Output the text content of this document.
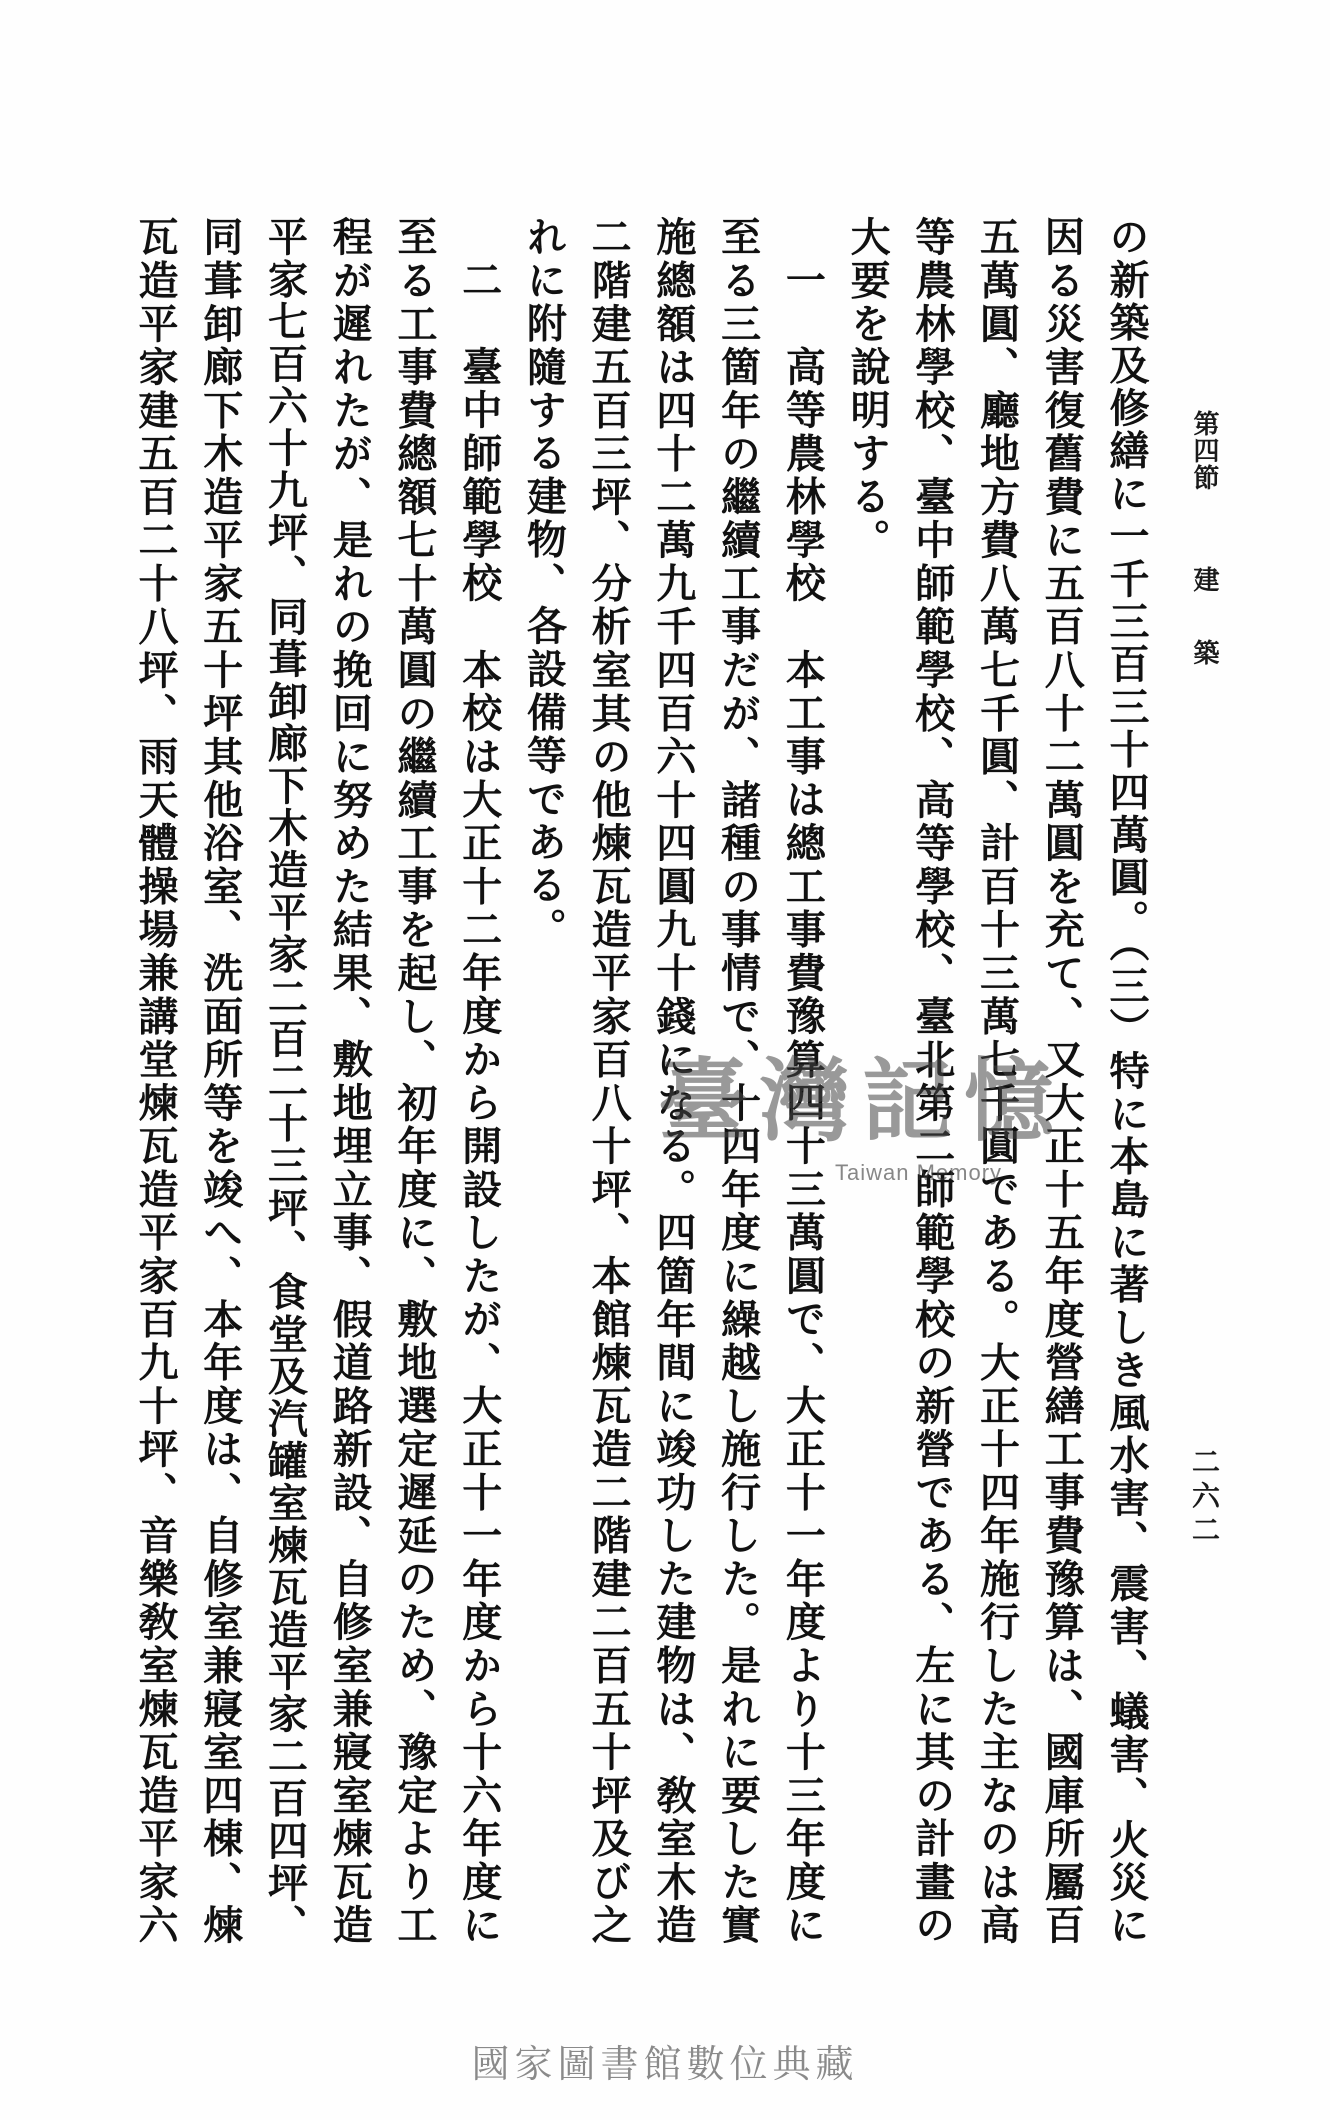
第四節
建築
二六二
の新築及修繕に一千三百三十四萬圓。（三）特に本島に著しき風水害、震害、蟻害、火災に
因る災害復舊費に五百八十二萬圓を充て、又大正十五年度營繕工事費豫算は、國庫所屬百
五萬圓、廳地方費八萬七千圓、計百十三萬七千圓である。大正十四年施行した主なのは高
等農林學校、臺中師範學校、高等學校、臺北第二師範學校の新營である、左に其の計畫の
大要を說明する。
一　高等農林學校　本工事は總工事費豫算四十三萬圓で、大正十一年度より十三年度に
至る三箇年の繼續工事だが、諸種の事情で、十四年度に繰越し施行した。是れに要した實
施總額は四十二萬九千四百六十四圓九十錢になる。四箇年間に竣功した建物は、敎室木造
二階建五百三坪、分析室其の他煉瓦造平家百八十坪、本館煉瓦造二階建二百五十坪及び之
れに附隨する建物、各設備等である。
二　臺中師範學校　本校は大正十二年度から開設したが、大正十一年度から十六年度に
至る工事費總額七十萬圓の繼續工事を起し、初年度に、敷地選定遲延のため、豫定より工
程が遲れたが、是れの挽回に努めた結果、敷地埋立事、假道路新設、自修室兼寢室煉瓦造
平家七百六十九坪、同葺卸廊下木造平家二百二十三坪、食堂及汽罐室煉瓦造平家二百四坪、
同葺卸廊下木造平家五十坪其他浴室、洗面所等を竣へ、本年度は、自修室兼寢室四棟、煉
瓦造平家建五百二十八坪、雨天體操場兼講堂煉瓦造平家百九十坪、音樂敎室煉瓦造平家六	臺灣記憶
Taiwan Memory
國家圖書館數位典藏
